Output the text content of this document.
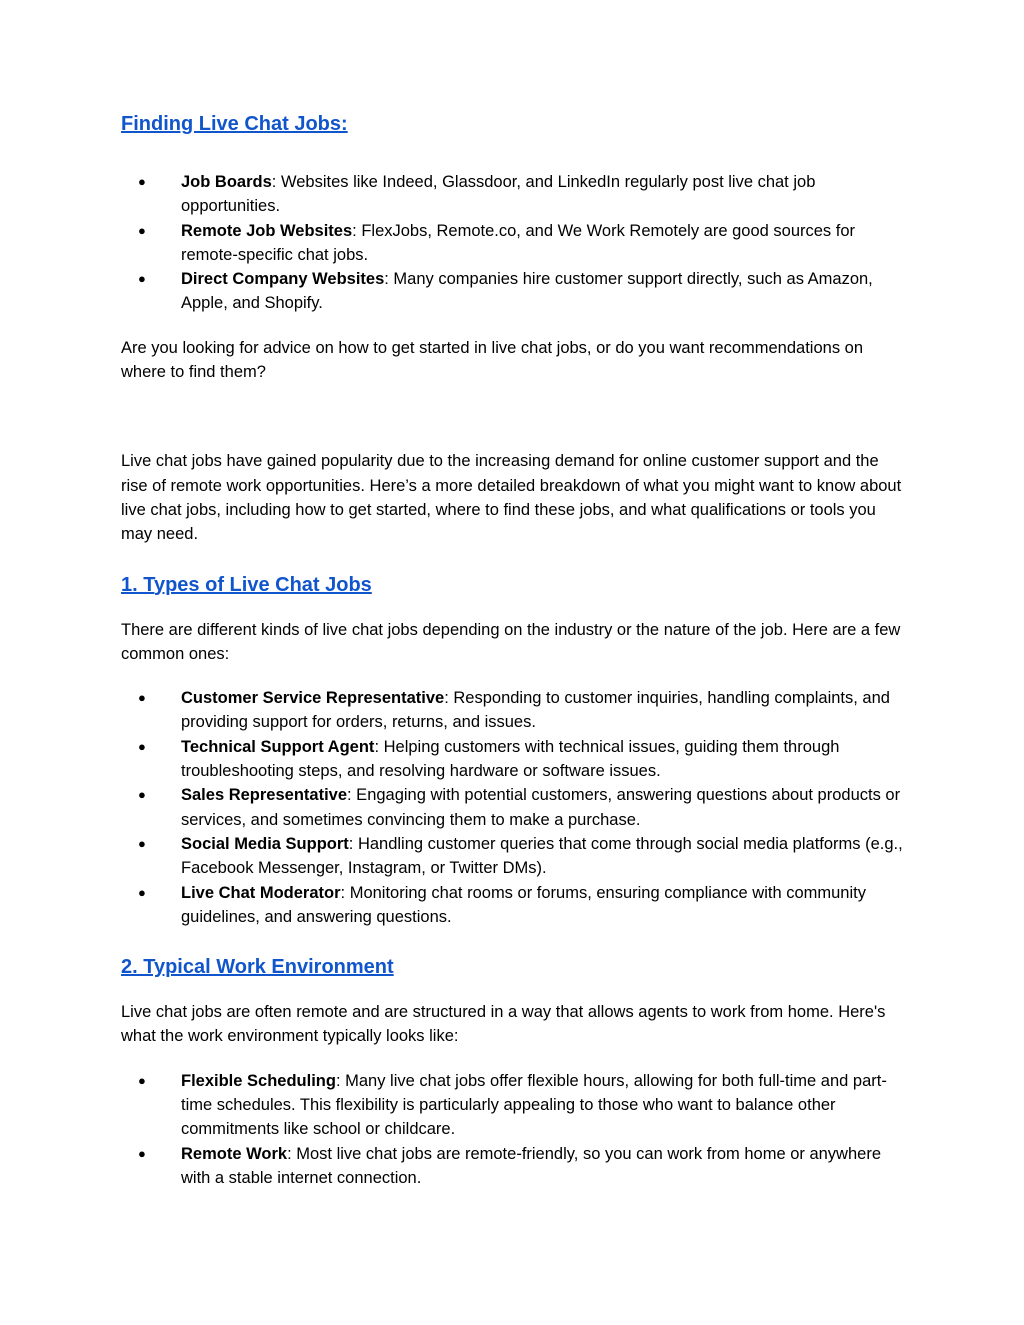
Finding Live Chat Jobs:
● Job Boards: Websites like Indeed, Glassdoor, and LinkedIn regularly post live chat job opportunities.
● Remote Job Websites: FlexJobs, Remote.co, and We Work Remotely are good sources for remote-specific chat jobs.
● Direct Company Websites: Many companies hire customer support directly, such as Amazon, Apple, and Shopify.

Are you looking for advice on how to get started in live chat jobs, or do you want recommendations on where to find them?

Live chat jobs have gained popularity due to the increasing demand for online customer support and the rise of remote work opportunities. Here’s a more detailed breakdown of what you might want to know about live chat jobs, including how to get started, where to find these jobs, and what qualifications or tools you may need.

1. Types of Live Chat Jobs

There are different kinds of live chat jobs depending on the industry or the nature of the job. Here are a few common ones:

● Customer Service Representative: Responding to customer inquiries, handling complaints, and providing support for orders, returns, and issues.
● Technical Support Agent: Helping customers with technical issues, guiding them through troubleshooting steps, and resolving hardware or software issues.
● Sales Representative: Engaging with potential customers, answering questions about products or services, and sometimes convincing them to make a purchase.
● Social Media Support: Handling customer queries that come through social media platforms (e.g., Facebook Messenger, Instagram, or Twitter DMs).
● Live Chat Moderator: Monitoring chat rooms or forums, ensuring compliance with community guidelines, and answering questions.
2. Typical Work Environment

Live chat jobs are often remote and are structured in a way that allows agents to work from home. Here's what the work environment typically looks like:

● Flexible Scheduling: Many live chat jobs offer flexible hours, allowing for both full-time and part-time schedules. This flexibility is particularly appealing to those who want to balance other commitments like school or childcare.
● Remote Work: Most live chat jobs are remote-friendly, so you can work from home or anywhere with a stable internet connection.
